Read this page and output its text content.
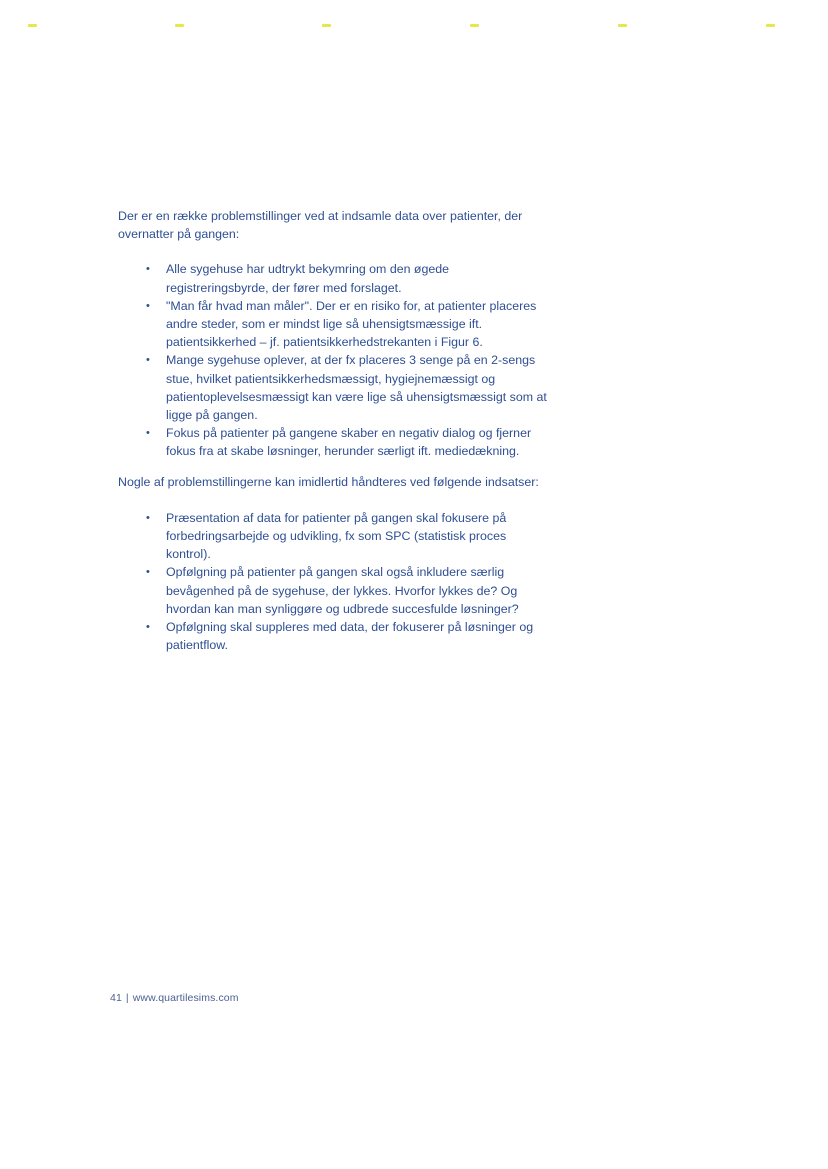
Der er en række problemstillinger ved at indsamle data over patienter, der overnatter på gangen:

•	Alle sygehuse har udtrykt bekymring om den øgede registreringsbyrde, der fører med forslaget.
•	"Man får hvad man måler". Der er en risiko for, at patienter placeres andre steder, som er mindst lige så uhensigtsmæssige ift. patientsikkerhed – jf. patientsikkerhedstrekanten i Figur 6.
•	Mange sygehuse oplever, at der fx placeres 3 senge på en 2-sengs stue, hvilket patientsikkerhedsmæssigt, hygiejnemæssigt og patientoplevelsesmæssigt kan være lige så uhensigtsmæssigt som at ligge på gangen.
•	Fokus på patienter på gangene skaber en negativ dialog og fjerner fokus fra at skabe løsninger, herunder særligt ift. mediedækning.

Nogle af problemstillingerne kan imidlertid håndteres ved følgende indsatser:

•	Præsentation af data for patienter på gangen skal fokusere på forbedringsarbejde og udvikling, fx som SPC (statistisk proces kontrol).
•	Opfølgning på patienter på gangen skal også inkludere særlig bevågenhed på de sygehuse, der lykkes. Hvorfor lykkes de? Og hvordan kan man synliggøre og udbrede succesfulde løsninger?
•	Opfølgning skal suppleres med data, der fokuserer på løsninger og patientflow.
41 | www.quartilesims.com
